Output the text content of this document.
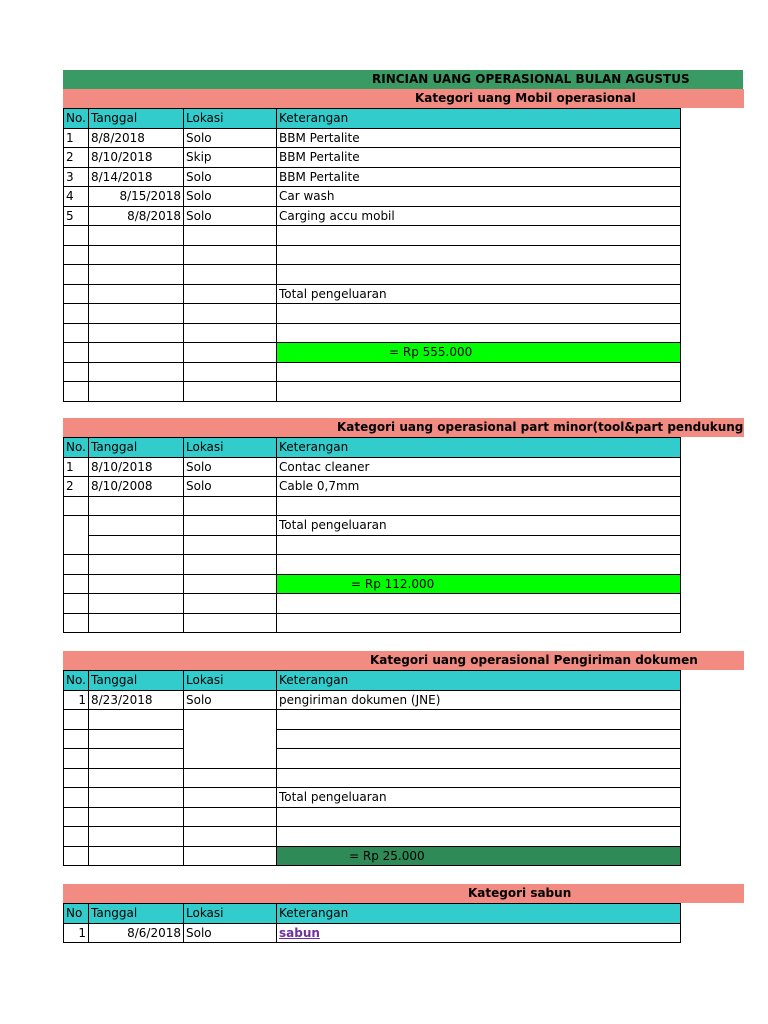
RINCIAN UANG OPERASIONAL BULAN AGUSTUS
Kategori uang Mobil operasional
No.	Tanggal	Lokasi	Keterangan
1	8/8/2018	Solo	BBM Pertalite
2	8/10/2018	Skip	BBM Pertalite
3	8/14/2018	Solo	BBM Pertalite
4	8/15/2018	Solo	Car wash
5	8/8/2018	Solo	Carging accu mobil

			Total pengeluaran

			= Rp 555.000

Kategori uang operasional part minor(tool&part pendukung
No.	Tanggal	Lokasi	Keterangan
1	8/10/2018	Solo	Contac cleaner
2	8/10/2008	Solo	Cable 0,7mm

			Total pengeluaran

			= Rp 112.000

Kategori uang operasional Pengiriman dokumen
No.	Tanggal	Lokasi	Keterangan
1	8/23/2018	Solo	pengiriman dokumen (JNE)

			Total pengeluaran

			= Rp 25.000
Kategori sabun
No	Tanggal	Lokasi	Keterangan
1	8/6/2018	Solo	sabun
